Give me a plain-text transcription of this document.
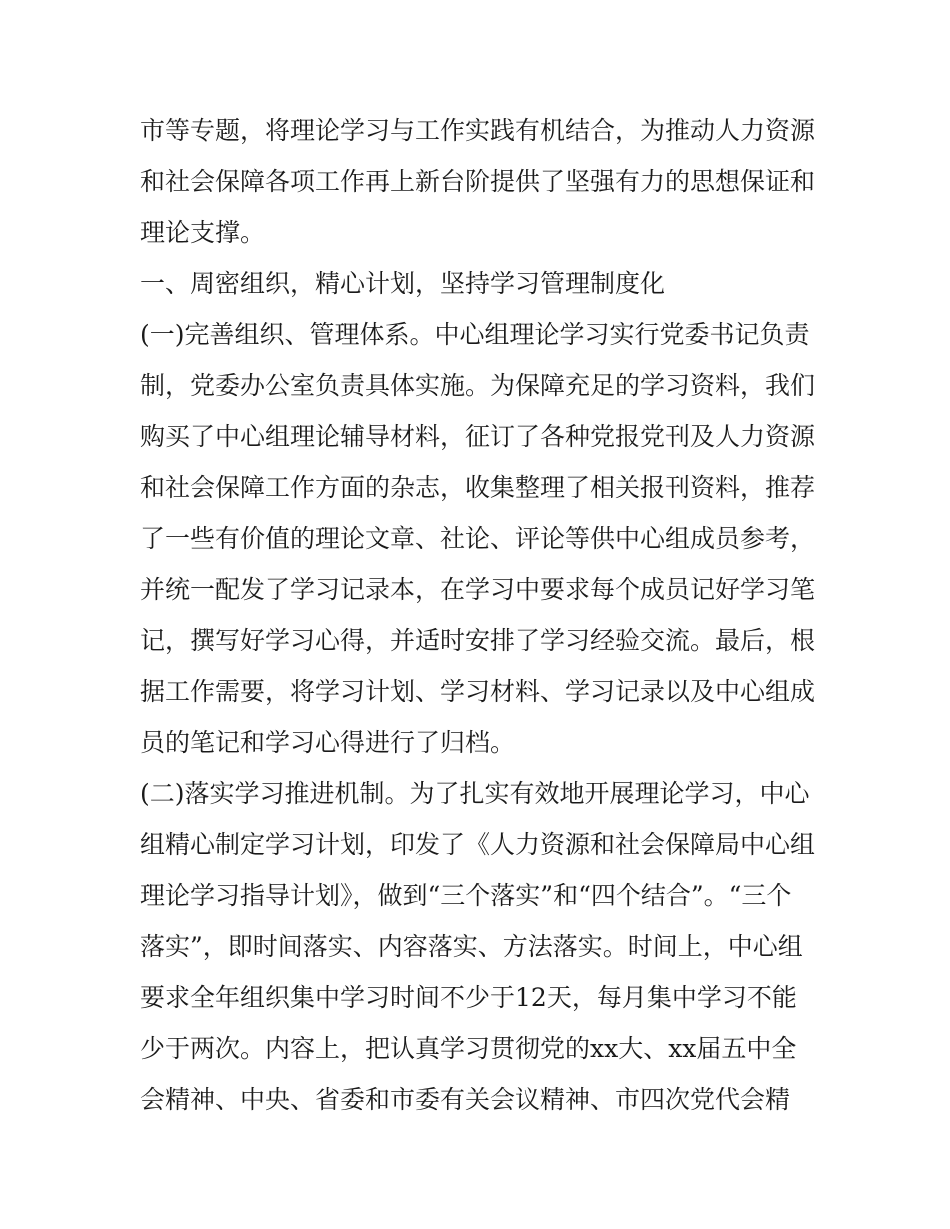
市等专题，将理论学习与工作实践有机结合，为推动人力资源
和社会保障各项工作再上新台阶提供了坚强有力的思想保证和
理论支撑。
一、周密组织，精心计划，坚持学习管理制度化
(一)完善组织、管理体系。中心组理论学习实行党委书记负责
制，党委办公室负责具体实施。为保障充足的学习资料，我们
购买了中心组理论辅导材料，征订了各种党报党刊及人力资源
和社会保障工作方面的杂志，收集整理了相关报刊资料，推荐
了一些有价值的理论文章、社论、评论等供中心组成员参考，
并统一配发了学习记录本，在学习中要求每个成员记好学习笔
记，撰写好学习心得，并适时安排了学习经验交流。最后，根
据工作需要，将学习计划、学习材料、学习记录以及中心组成
员的笔记和学习心得进行了归档。
(二)落实学习推进机制。为了扎实有效地开展理论学习，中心
组精心制定学习计划，印发了《人力资源和社会保障局中心组
理论学习指导计划》，做到“三个落实”和“四个结合”。“三个
落实”，即时间落实、内容落实、方法落实。时间上，中心组
要求全年组织集中学习时间不少于12天，每月集中学习不能
少于两次。内容上，把认真学习贯彻党的xx大、xx届五中全
会精神、中央、省委和市委有关会议精神、市四次党代会精
